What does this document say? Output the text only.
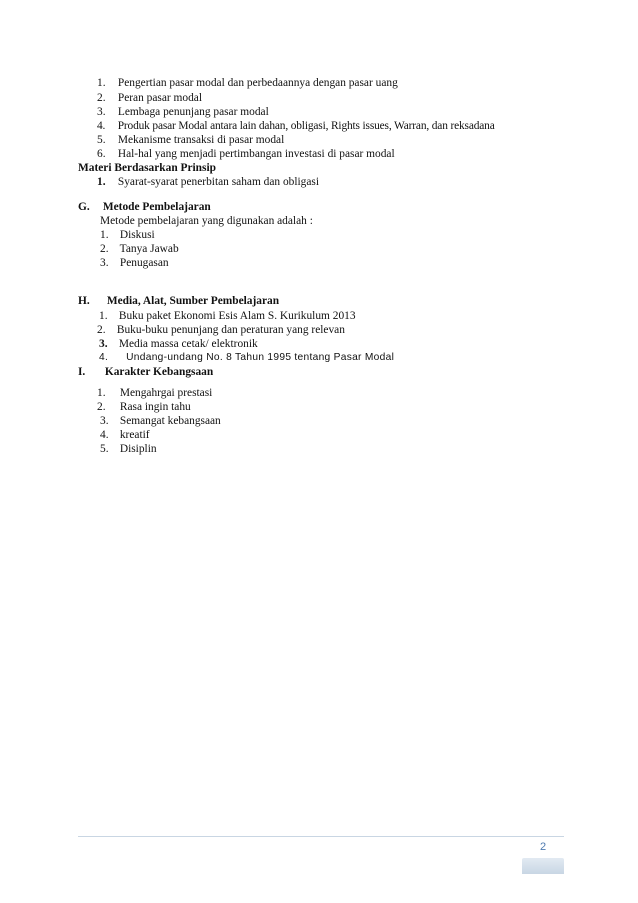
1. Pengertian pasar modal dan perbedaannya dengan pasar uang
2. Peran pasar modal
3. Lembaga penunjang pasar modal
4. Produk pasar Modal antara lain dahan, obligasi, Rights issues, Warran, dan reksadana
5. Mekanisme transaksi di pasar modal
6. Hal-hal yang menjadi pertimbangan investasi di pasar modal
Materi Berdasarkan Prinsip
1. Syarat-syarat penerbitan saham dan obligasi
G. Metode Pembelajaran
Metode pembelajaran yang digunakan adalah :
1. Diskusi
2. Tanya Jawab
3. Penugasan
H. Media, Alat, Sumber Pembelajaran
1. Buku paket Ekonomi Esis Alam S. Kurikulum 2013
2. Buku-buku penunjang dan peraturan yang relevan
3. Media massa cetak/ elektronik
4. Undang-undang No. 8 Tahun 1995 tentang Pasar Modal
I. Karakter Kebangsaan
1. Mengahrgai prestasi
2. Rasa ingin tahu
3. Semangat kebangsaan
4. kreatif
5. Disiplin
2
